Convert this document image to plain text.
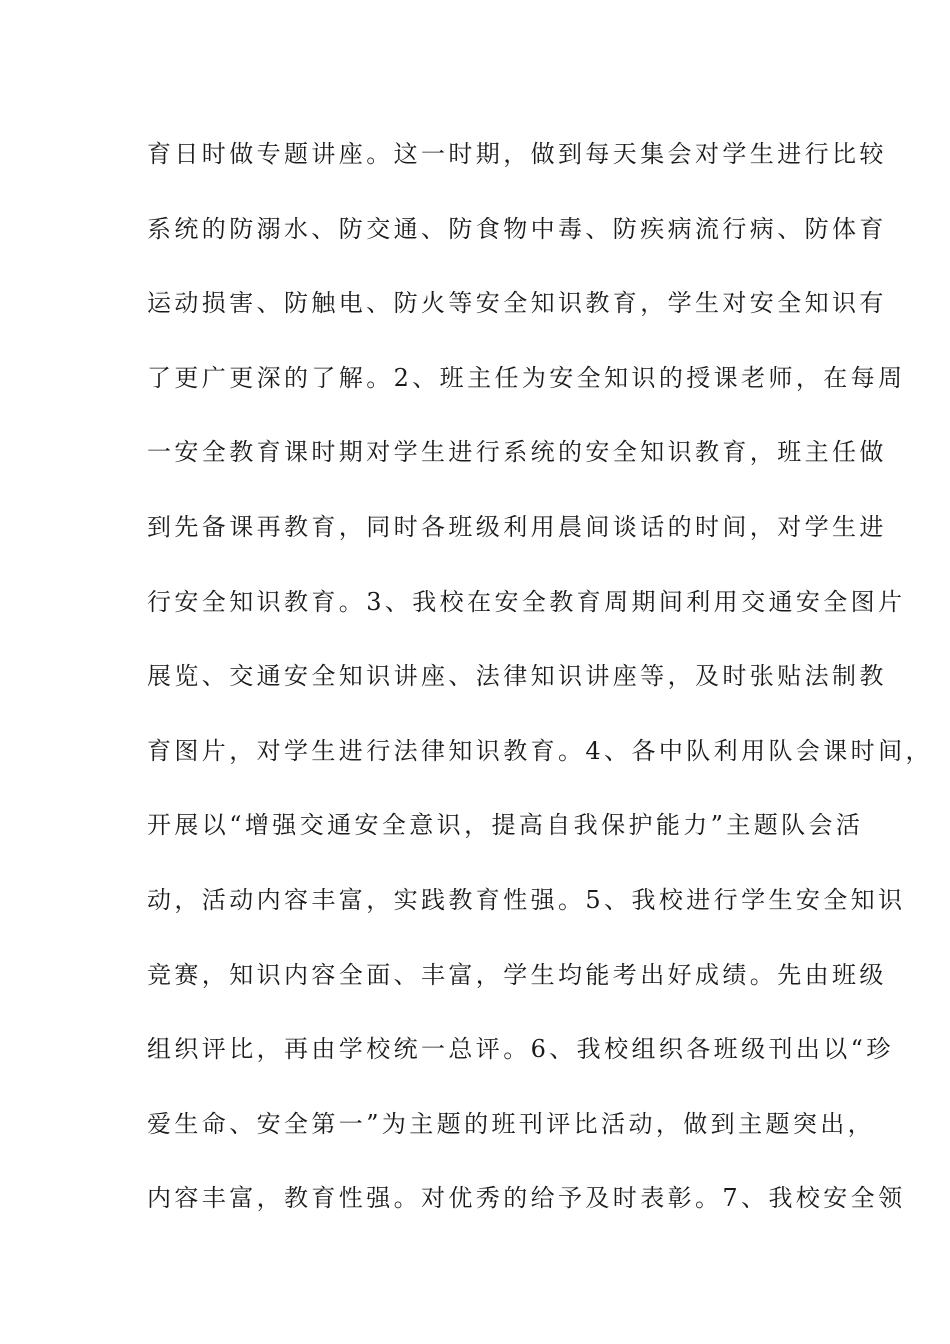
育日时做专题讲座。这一时期，做到每天集会对学生进行比较
系统的防溺水、防交通、防食物中毒、防疾病流行病、防体育
运动损害、防触电、防火等安全知识教育，学生对安全知识有
了更广更深的了解。2、班主任为安全知识的授课老师，在每周
一安全教育课时期对学生进行系统的安全知识教育，班主任做
到先备课再教育，同时各班级利用晨间谈话的时间，对学生进
行安全知识教育。3、我校在安全教育周期间利用交通安全图片
展览、交通安全知识讲座、法律知识讲座等，及时张贴法制教
育图片，对学生进行法律知识教育。4、各中队利用队会课时间，
开展以“增强交通安全意识，提高自我保护能力”主题队会活
动，活动内容丰富，实践教育性强。5、我校进行学生安全知识
竞赛，知识内容全面、丰富，学生均能考出好成绩。先由班级
组织评比，再由学校统一总评。6、我校组织各班级刊出以“珍
爱生命、安全第一”为主题的班刊评比活动，做到主题突出，
内容丰富，教育性强。对优秀的给予及时表彰。7、我校安全领
